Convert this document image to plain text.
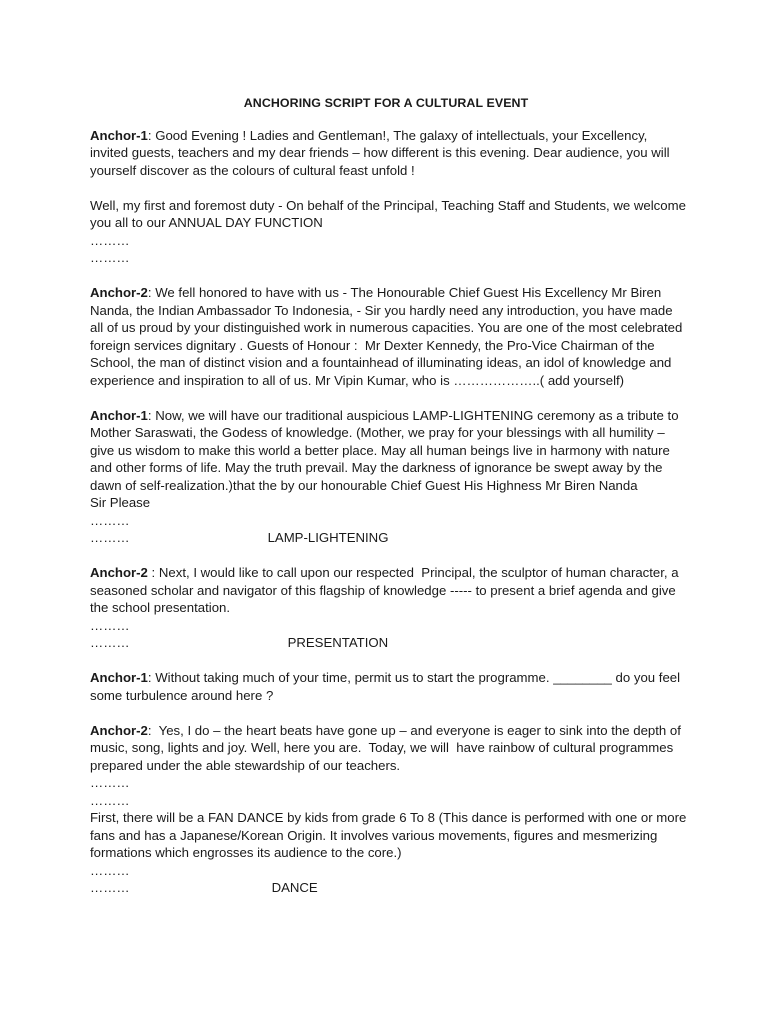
ANCHORING SCRIPT FOR A CULTURAL EVENT
Anchor-1: Good Evening ! Ladies and Gentleman!, The galaxy of intellectuals, your Excellency, invited guests, teachers and my dear friends – how different is this evening. Dear audience, you will yourself discover as the colours of cultural feast unfold !
Well, my first and foremost duty - On behalf of the Principal, Teaching Staff and Students, we welcome you all to our ANNUAL DAY FUNCTION
………
………
Anchor-2: We fell honored to have with us - The Honourable Chief Guest His Excellency Mr Biren Nanda, the Indian Ambassador To Indonesia, - Sir you hardly need any introduction, you have made all of us proud by your distinguished work in numerous capacities. You are one of the most celebrated foreign services dignitary . Guests of Honour :  Mr Dexter Kennedy, the Pro-Vice Chairman of the School, the man of distinct vision and a fountainhead of illuminating ideas, an idol of knowledge and experience and inspiration to all of us. Mr Vipin Kumar, who is ………………..( add yourself)
Anchor-1: Now, we will have our traditional auspicious LAMP-LIGHTENING ceremony as a tribute to Mother Saraswati, the Godess of knowledge. (Mother, we pray for your blessings with all humility – give us wisdom to make this world a better place. May all human beings live in harmony with nature and other forms of life. May the truth prevail. May the darkness of ignorance be swept away by the dawn of self-realization.)that the by our honourable Chief Guest His Highness Mr Biren Nanda
Sir Please
………
………	LAMP-LIGHTENING
Anchor-2 : Next, I would like to call upon our respected  Principal, the sculptor of human character, a seasoned scholar and navigator of this flagship of knowledge ----- to present a brief agenda and give the school presentation.
………
………	PRESENTATION
Anchor-1: Without taking much of your time, permit us to start the programme. ________ do you feel some turbulence around here ?
Anchor-2:  Yes, I do – the heart beats have gone up – and everyone is eager to sink into the depth of music, song, lights and joy. Well, here you are.  Today, we will  have rainbow of cultural programmes prepared under the able stewardship of our teachers.
………
………
First, there will be a FAN DANCE by kids from grade 6 To 8 (This dance is performed with one or more fans and has a Japanese/Korean Origin. It involves various movements, figures and mesmerizing formations which engrosses its audience to the core.)
………
………	DANCE
